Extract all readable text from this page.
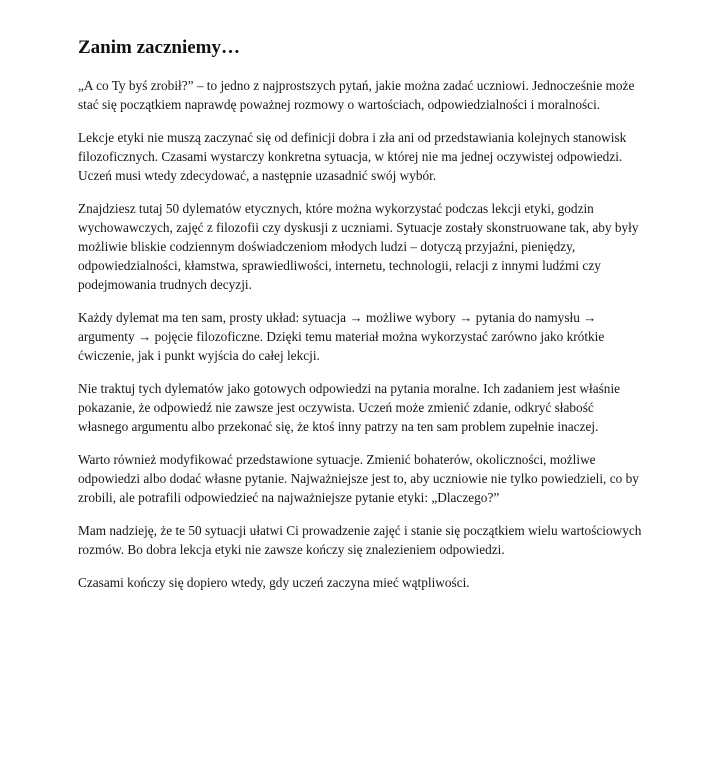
Zanim zaczniemy…

„A co Ty byś zrobił?” – to jedno z najprostszych pytań, jakie można zadać uczniowi. Jednocześnie może stać się początkiem naprawdę poważnej rozmowy o wartościach, odpowiedzialności i moralności.

Lekcje etyki nie muszą zaczynać się od definicji dobra i zła ani od przedstawiania kolejnych stanowisk filozoficznych. Czasami wystarczy konkretna sytuacja, w której nie ma jednej oczywistej odpowiedzi. Uczeń musi wtedy zdecydować, a następnie uzasadnić swój wybór.

Znajdziesz tutaj 50 dylematów etycznych, które można wykorzystać podczas lekcji etyki, godzin wychowawczych, zajęć z filozofii czy dyskusji z uczniami. Sytuacje zostały skonstruowane tak, aby były możliwie bliskie codziennym doświadczeniom młodych ludzi – dotyczą przyjaźni, pieniędzy, odpowiedzialności, kłamstwa, sprawiedliwości, internetu, technologii, relacji z innymi ludźmi czy podejmowania trudnych decyzji.

Każdy dylemat ma ten sam, prosty układ: sytuacja → możliwe wybory → pytania do namysłu → argumenty → pojęcie filozoficzne. Dzięki temu materiał można wykorzystać zarówno jako krótkie ćwiczenie, jak i punkt wyjścia do całej lekcji.

Nie traktuj tych dylematów jako gotowych odpowiedzi na pytania moralne. Ich zadaniem jest właśnie pokazanie, że odpowiedź nie zawsze jest oczywista. Uczeń może zmienić zdanie, odkryć słabość własnego argumentu albo przekonać się, że ktoś inny patrzy na ten sam problem zupełnie inaczej.

Warto również modyfikować przedstawione sytuacje. Zmienić bohaterów, okoliczności, możliwe odpowiedzi albo dodać własne pytanie. Najważniejsze jest to, aby uczniowie nie tylko powiedzieli, co by zrobili, ale potrafili odpowiedzieć na najważniejsze pytanie etyki: „Dlaczego?”

Mam nadzieję, że te 50 sytuacji ułatwi Ci prowadzenie zajęć i stanie się początkiem wielu wartościowych rozmów. Bo dobra lekcja etyki nie zawsze kończy się znalezieniem odpowiedzi.

Czasami kończy się dopiero wtedy, gdy uczeń zaczyna mieć wątpliwości.
